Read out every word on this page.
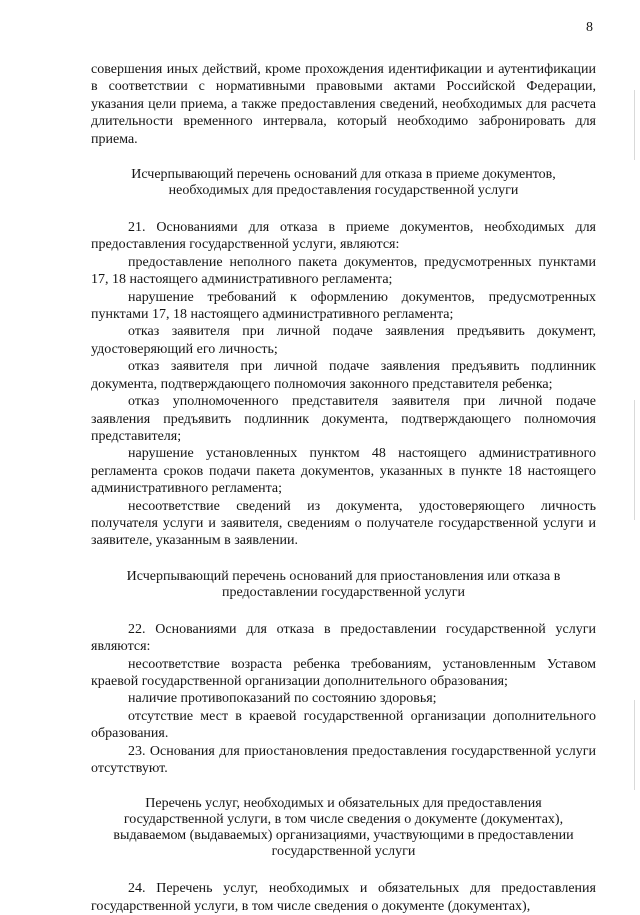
8

совершения иных действий, кроме прохождения идентификации и аутентификации в соответствии с нормативными правовыми актами Российской Федерации, указания цели приема, а также предоставления сведений, необходимых для расчета длительности временного интервала, который необходимо забронировать для приема.

Исчерпывающий перечень оснований для отказа в приеме документов, необходимых для предоставления государственной услуги

21. Основаниями для отказа в приеме документов, необходимых для предоставления государственной услуги, являются:

предоставление неполного пакета документов, предусмотренных пунктами 17, 18 настоящего административного регламента;

нарушение требований к оформлению документов, предусмотренных пунктами 17, 18 настоящего административного регламента;

отказ заявителя при личной подаче заявления предъявить документ, удостоверяющий его личность;

отказ заявителя при личной подаче заявления предъявить подлинник документа, подтверждающего полномочия законного представителя ребенка;

отказ уполномоченного представителя заявителя при личной подаче заявления предъявить подлинник документа, подтверждающего полномочия представителя;

нарушение установленных пунктом 48 настоящего административного регламента сроков подачи пакета документов, указанных в пункте 18 настоящего административного регламента;

несоответствие сведений из документа, удостоверяющего личность получателя услуги и заявителя, сведениям о получателе государственной услуги и заявителе, указанным в заявлении.

Исчерпывающий перечень оснований для приостановления или отказа в предоставлении государственной услуги

22. Основаниями для отказа в предоставлении государственной услуги являются:

несоответствие возраста ребенка требованиям, установленным Уставом краевой государственной организации дополнительного образования;

наличие противопоказаний по состоянию здоровья;

отсутствие мест в краевой государственной организации дополнительного образования.

23. Основания для приостановления предоставления государственной услуги отсутствуют.

Перечень услуг, необходимых и обязательных для предоставления государственной услуги, в том числе сведения о документе (документах), выдаваемом (выдаваемых) организациями, участвующими в предоставлении государственной услуги

24. Перечень услуг, необходимых и обязательных для предоставления государственной услуги, в том числе сведения о документе (документах),
